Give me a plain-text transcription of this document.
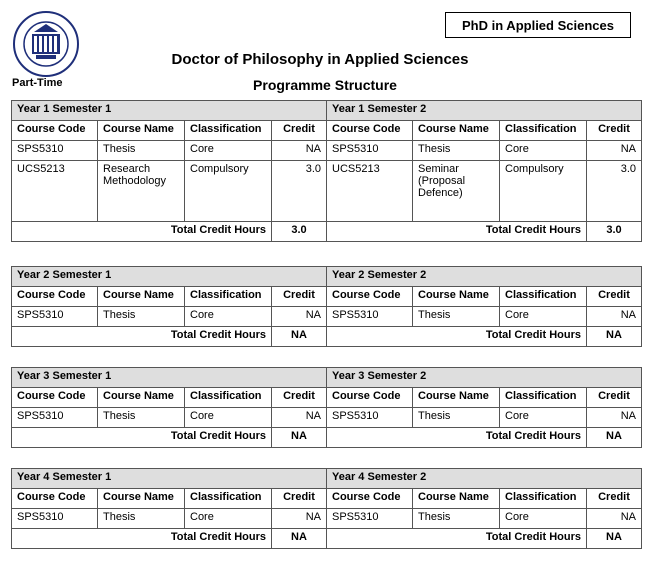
PhD in Applied Sciences
Doctor of Philosophy in Applied Sciences
Part-Time	Programme Structure
Year 1 Semester 1				Year 1 Semester 2			
Course Code	Course Name	Classification	Credit	Course Code	Course Name	Classification	Credit
SPS5310	Thesis	Core	NA	SPS5310	Thesis	Core	NA
UCS5213	Research Methodology	Compulsory	3.0	UCS5213	Seminar (Proposal Defence)	Compulsory	3.0
Total Credit Hours			3.0	Total Credit Hours			3.0
Year 2 Semester 1				Year 2 Semester 2			
Course Code	Course Name	Classification	Credit	Course Code	Course Name	Classification	Credit
SPS5310	Thesis	Core	NA	SPS5310	Thesis	Core	NA
Total Credit Hours			NA	Total Credit Hours			NA
Year 3 Semester 1				Year 3 Semester 2			
Course Code	Course Name	Classification	Credit	Course Code	Course Name	Classification	Credit
SPS5310	Thesis	Core	NA	SPS5310	Thesis	Core	NA
Total Credit Hours			NA	Total Credit Hours			NA
Year 4 Semester 1				Year 4 Semester 2			
Course Code	Course Name	Classification	Credit	Course Code	Course Name	Classification	Credit
SPS5310	Thesis	Core	NA	SPS5310	Thesis	Core	NA
Total Credit Hours			NA	Total Credit Hours			NA
